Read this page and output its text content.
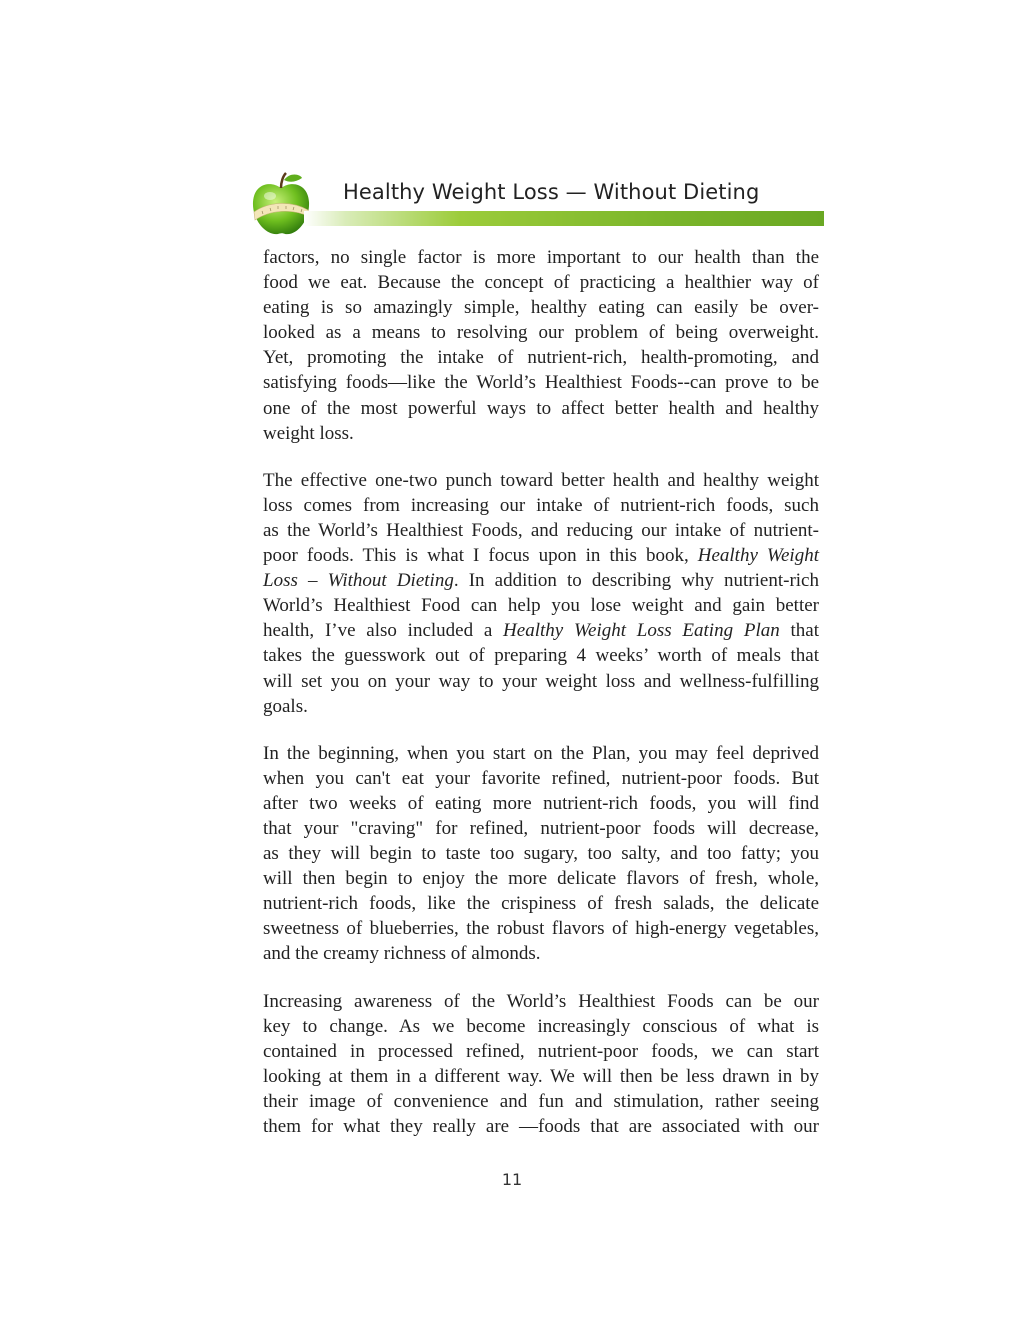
Healthy Weight Loss — Without Dieting

factors, no single factor is more important to our health than the
food we eat. Because the concept of practicing a healthier way of
eating is so amazingly simple, healthy eating can easily be over-
looked as a means to resolving our problem of being overweight.
Yet, promoting the intake of nutrient-rich, health-promoting, and
satisfying foods—like the World’s Healthiest Foods--can prove to be
one of the most powerful ways to affect better health and healthy
weight loss.

The effective one-two punch toward better health and healthy weight
loss comes from increasing our intake of nutrient-rich foods, such
as the World’s Healthiest Foods, and reducing our intake of nutrient-
poor foods. This is what I focus upon in this book, Healthy Weight
Loss – Without Dieting. In addition to describing why nutrient-rich
World’s Healthiest Food can help you lose weight and gain better
health, I’ve also included a Healthy Weight Loss Eating Plan that
takes the guesswork out of preparing 4 weeks’ worth of meals that
will set you on your way to your weight loss and wellness-fulfilling
goals.

In the beginning, when you start on the Plan, you may feel deprived
when you can't eat your favorite refined, nutrient-poor foods. But
after two weeks of eating more nutrient-rich foods, you will find
that your "craving" for refined, nutrient-poor foods will decrease,
as they will begin to taste too sugary, too salty, and too fatty; you
will then begin to enjoy the more delicate flavors of fresh, whole,
nutrient-rich foods, like the crispiness of fresh salads, the delicate
sweetness of blueberries, the robust flavors of high-energy vegetables,
and the creamy richness of almonds.

Increasing awareness of the World’s Healthiest Foods can be our
key to change. As we become increasingly conscious of what is
contained in processed refined, nutrient-poor foods, we can start
looking at them in a different way. We will then be less drawn in by
their image of convenience and fun and stimulation, rather seeing
them for what they really are —foods that are associated with our

11
